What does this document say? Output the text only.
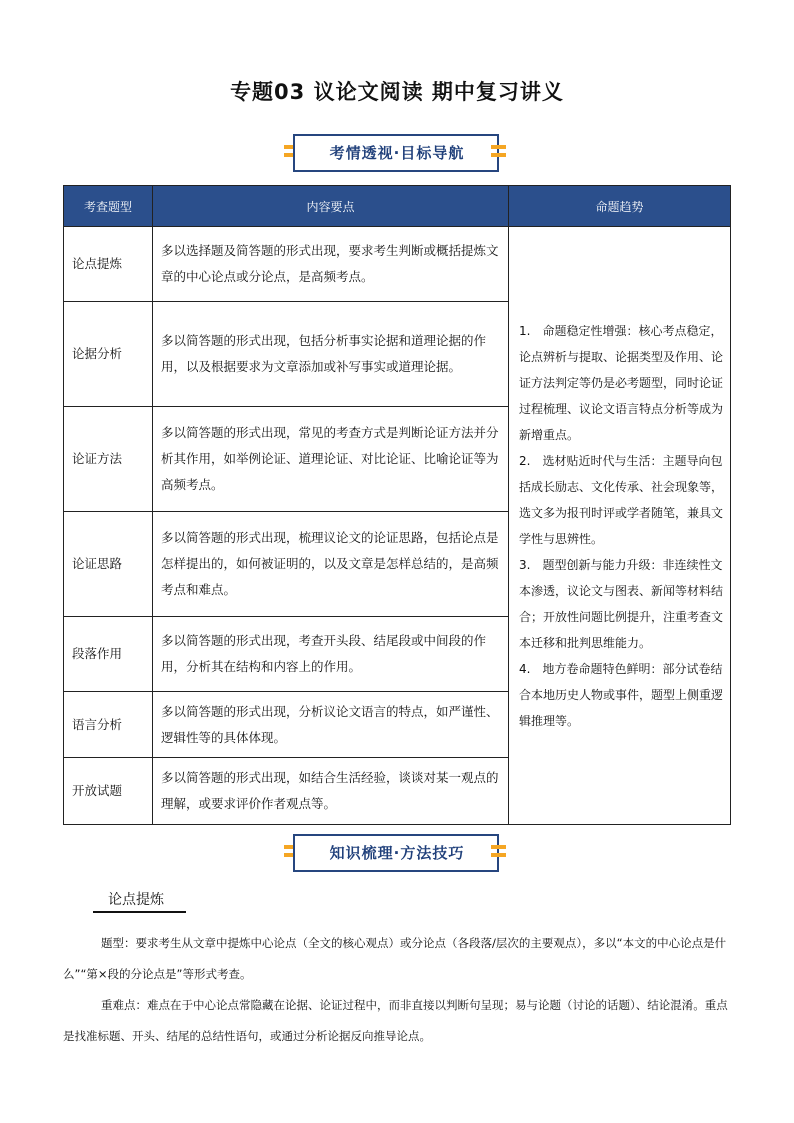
专题03 议论文阅读 期中复习讲义
考情透视·目标导航
考查题型	内容要点	命题趋势
论点提炼	多以选择题及简答题的形式出现，要求考生判断或概括提炼文章的中心论点或分论点，是高频考点。	1.　命题稳定性增强：核心考点稳定，论点辨析与提取、论据类型及作用、论证方法判定等仍是必考题型，同时论证过程梳理、议论文语言特点分析等成为新增重点。

2.　选材贴近时代与生活：主题导向包括成长励志、文化传承、社会现象等，选文多为报刊时评或学者随笔，兼具文学性与思辨性。

3.　题型创新与能力升级：非连续性文本渗透，议论文与图表、新闻等材料结合；开放性问题比例提升，注重考查文本迁移和批判思维能力。

4.　地方卷命题特色鲜明：部分试卷结合本地历史人物或事件，题型上侧重逻辑推理等。

论据分析	多以简答题的形式出现，包括分析事实论据和道理论据的作用，以及根据要求为文章添加或补写事实或道理论据。	
论证方法	多以简答题的形式出现，常见的考查方式是判断论证方法并分析其作用，如举例论证、道理论证、对比论证、比喻论证等为高频考点。	
论证思路	多以简答题的形式出现，梳理议论文的论证思路，包括论点是怎样提出的，如何被证明的，以及文章是怎样总结的，是高频考点和难点。	
段落作用	多以简答题的形式出现，考查开头段、结尾段或中间段的作用，分析其在结构和内容上的作用。	
语言分析	多以简答题的形式出现，分析议论文语言的特点，如严谨性、逻辑性等的具体体现。	
开放试题	多以简答题的形式出现，如结合生活经验，谈谈对某一观点的理解，或要求评价作者观点等。	
知识梳理·方法技巧
论点提炼
题型：要求考生从文章中提炼中心论点（全文的核心观点）或分论点（各段落/层次的主要观点），多以“本文的中心论点是什么”“第×段的分论点是”等形式考查。
重难点：难点在于中心论点常隐藏在论据、论证过程中，而非直接以判断句呈现；易与论题（讨论的话题）、结论混淆。重点是找准标题、开头、结尾的总结性语句，或通过分析论据反向推导论点。
